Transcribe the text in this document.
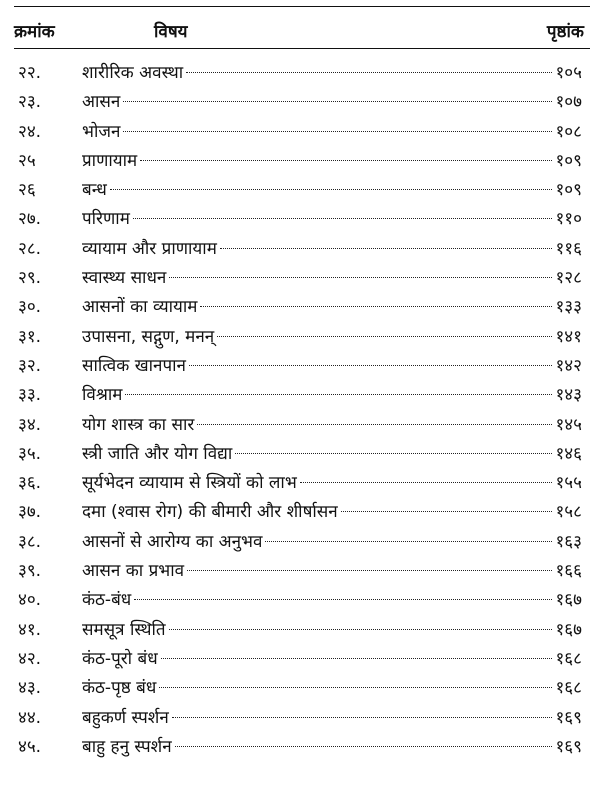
क्रमांक	विषय	पृष्ठांक
२२.	शारीरिक अवस्था	१०५
२३.	आसन	१०७
२४.	भोजन	१०८
२५	प्राणायाम	१०९
२६	बन्ध	१०९
२७.	परिणाम	११०
२८.	व्यायाम और प्राणायाम	११६
२९.	स्वास्थ्य साधन	१२८
३०.	आसनों का व्यायाम	१३३
३१.	उपासना, सद्गुण, मनन्	१४१
३२.	सात्विक खानपान	१४२
३३.	विश्राम	१४३
३४.	योग शास्त्र का सार	१४५
३५.	स्त्री जाति और योग विद्या	१४६
३६.	सूर्यभेदन व्यायाम से स्त्रियों को लाभ	१५५
३७.	दमा (श्वास रोग) की बीमारी और शीर्षासन	१५८
३८.	आसनों से आरोग्य का अनुभव	१६३
३९.	आसन का प्रभाव	१६६
४०.	कंठ-बंध	१६७
४१.	समसूत्र स्थिति	१६७
४२.	कंठ-पूरो बंध	१६८
४३.	कंठ-पृष्ठ बंध	१६८
४४.	बहुकर्ण स्पर्शन	१६९
४५.	बाहु हनु स्पर्शन	१६९
